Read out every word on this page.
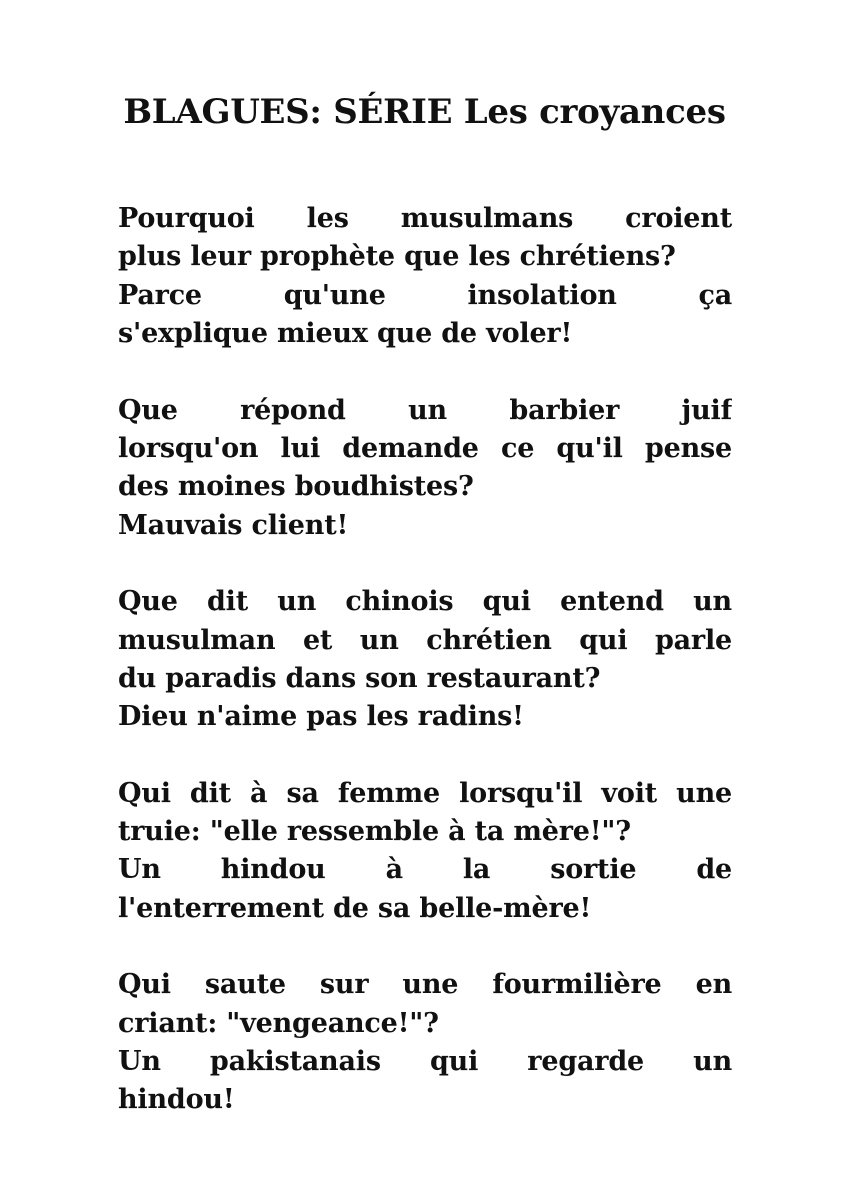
BLAGUES: SÉRIE Les croyances
Pourquoi les musulmans croient
plus leur prophète que les chrétiens?
Parce qu'une insolation ça
s'explique mieux que de voler!
Que répond un barbier juif
lorsqu'on lui demande ce qu'il pense
des moines boudhistes?
Mauvais client!
Que dit un chinois qui entend un
musulman et un chrétien qui parle
du paradis dans son restaurant?
Dieu n'aime pas les radins!
Qui dit à sa femme lorsqu'il voit une
truie: "elle ressemble à ta mère!"?
Un hindou à la sortie de
l'enterrement de sa belle-mère!
Qui saute sur une fourmilière en
criant: "vengeance!"?
Un pakistanais qui regarde un
hindou!
